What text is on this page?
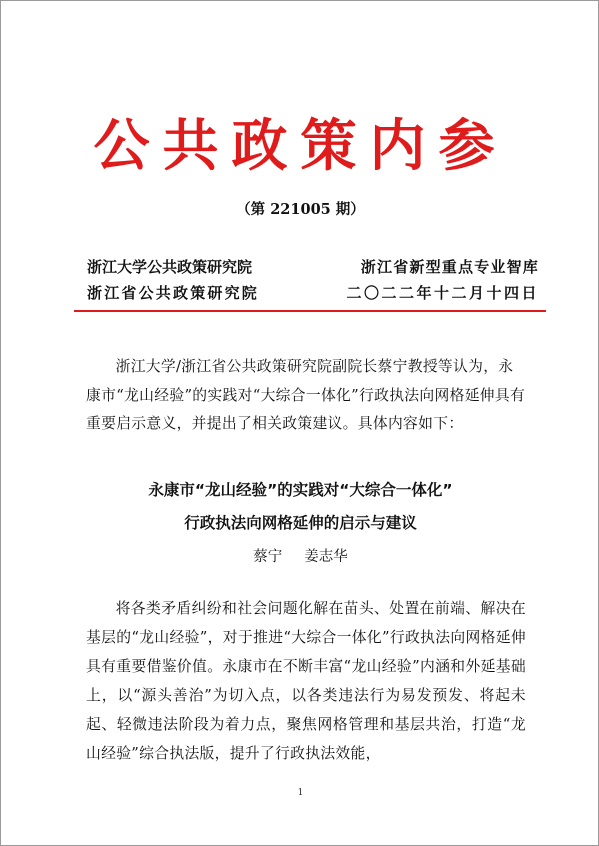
公共政策内参
（第 221005 期）
浙江大学公共政策研究院	浙江省新型重点专业智库
浙江省公共政策研究院	二〇二二年十二月十四日
浙江大学/浙江省公共政策研究院副院长蔡宁教授等认为，永康市“龙山经验”的实践对“大综合一体化”行政执法向网格延伸具有重要启示意义，并提出了相关政策建议。具体内容如下：
永康市“龙山经验”的实践对“大综合一体化”
行政执法向网格延伸的启示与建议
蔡宁 姜志华
将各类矛盾纠纷和社会问题化解在苗头、处置在前端、解决在基层的“龙山经验”，对于推进“大综合一体化”行政执法向网格延伸具有重要借鉴价值。永康市在不断丰富“龙山经验”内涵和外延基础上，以“源头善治”为切入点，以各类违法行为易发预发、将起未起、轻微违法阶段为着力点，聚焦网格管理和基层共治，打造“龙山经验”综合执法版，提升了行政执法效能，
1
